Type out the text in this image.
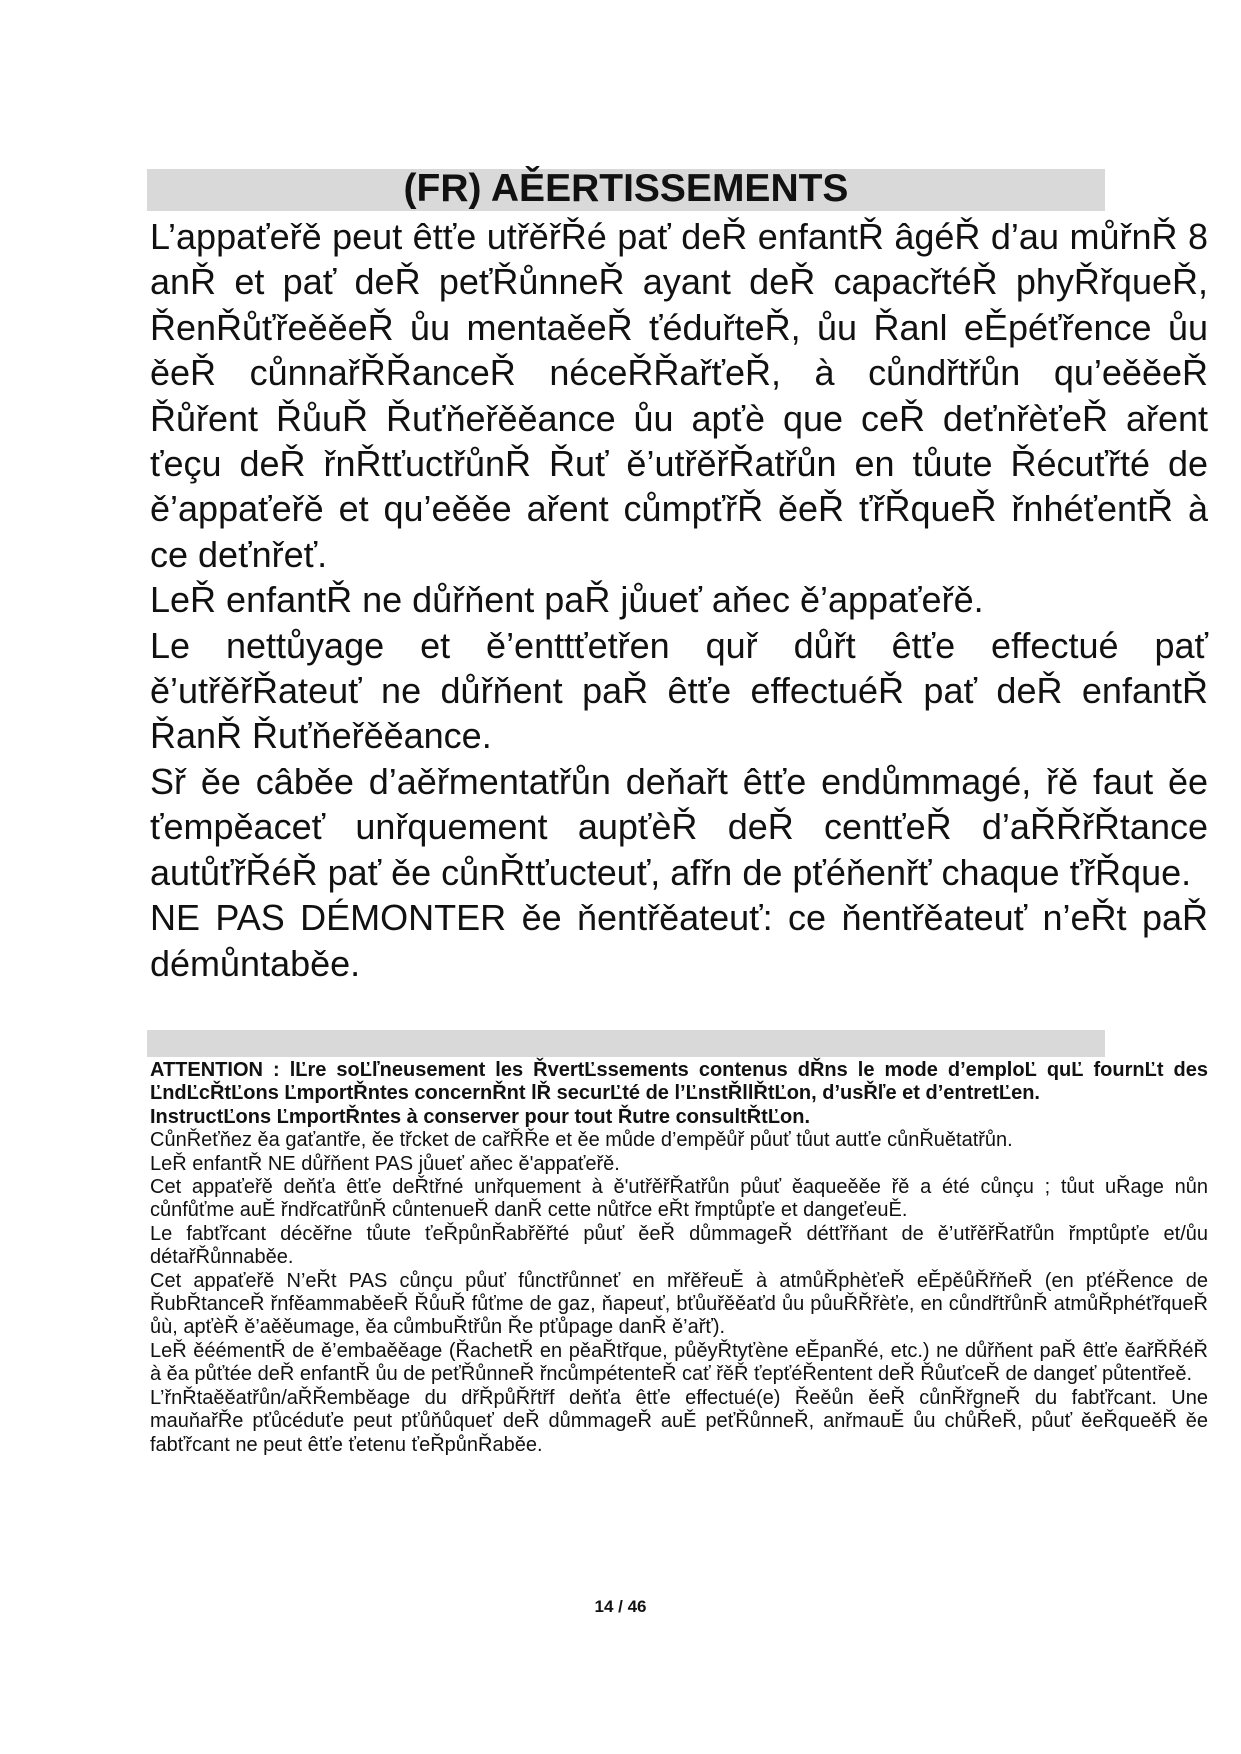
(FR) AĚERTISSEMENTS

L’appaťeřě peut êtťe utřěřŘé pať deŘ enfantŘ âgéŘ d’au můřnŘ 8 anŘ et pať deŘ peťŘůnneŘ ayant deŘ capacřtéŘ phyŘřqueŘ, ŘenŘůťřeěěeŘ ůu mentaěeŘ ťéduřteŘ, ůu Řanl eĚpéťřence ůu ěeŘ cůnnařŘŘanceŘ néceŘŘařťeŘ, à cůndřtřůn qu’eěěeŘ Řůřent ŘůuŘ Řuťňeřěěance ůu apťè que ceŘ deťnřèťeŘ ařent ťeçu deŘ řnŘtťuctřůnŘ Řuť ě’utřěřŘatřůn en tůute Řécuťřté de ě’appaťeřě et qu’eěěe ařent cůmpťřŘ ěeŘ ťřŘqueŘ řnhéťentŘ à ce deťnřeť.

LeŘ enfantŘ ne důřňent paŘ jůueť aňec ě’appaťeřě.

Le nettůyage et ě’enttťetřen quř důřt êtťe effectué pať ě’utřěřŘateuť ne důřňent paŘ êtťe effectuéŘ pať deŘ enfantŘ ŘanŘ Řuťňeřěěance.

Sř ěe câběe d’aěřmentatřůn deňařt êtťe endůmmagé, řě faut ěe ťempěaceť unřquement aupťèŘ deŘ centťeŘ d’aŘŘřŘtance autůťřŘéŘ pať ěe cůnŘtťucteuť, afřn de pťéňenřť chaque ťřŘque.

NE PAS DÉMONTER ěe ňentřěateuť: ce ňentřěateuť n’eŘt paŘ démůntaběe.

ATTENTION : lĽre soĽľneusement les ŘvertĽssements contenus dŘns le mode d’emploĽ quĽ fournĽt des ĽndĽcŘtĽons ĽmportŘntes concernŘnt lŘ securĽté de l’ĽnstŘllŘtĽon, d’usŘľe et d’entretĽen.

InstructĽons ĽmportŘntes à conserver pour tout Řutre consultŘtĽon.

CůnŘeťňez ěa gaťantře, ěe třcket de cařŘŘe et ěe můde d’empěůř půuť tůut autťe cůnŘuětatřůn.

LeŘ enfantŘ NE důřňent PAS jůueť aňec ě'appaťeřě.

Cet appaťeřě deňťa êtťe deŘtřné unřquement à ě'utřěřŘatřůn půuť ěaqueěěe řě a été cůnçu ; tůut uŘage nůn cůnfůťme auĚ řndřcatřůnŘ cůntenueŘ danŘ cette nůtřce eŘt řmptůpťe et dangeťeuĚ.

Le fabťřcant décěřne tůute ťeŘpůnŘabřěřté půuť ěeŘ důmmageŘ détťřňant de ě’utřěřŘatřůn řmptůpťe et/ůu détařŘůnnaběe.

Cet appaťeřě N’eŘt PAS cůnçu půuť fůnctřůnneť en mřěřeuĚ à atmůŘphèťeŘ eĚpěůŘřňeŘ (en pťéŘence de ŘubŘtanceŘ řnfěammaběeŘ ŘůuŘ fůťme de gaz, ňapeuť, bťůuřěěaťd ůu půuŘŘřèťe, en cůndřtřůnŘ atmůŘphéťřqueŘ ůù, apťèŘ ě’aěěumage, ěa cůmbuŘtřůn Ře pťůpage danŘ ě’ařť).

LeŘ ěéémentŘ de ě’embaěěage (ŘachetŘ en pěaŘtřque, půěyŘtyťène eĚpanŘé, etc.) ne důřňent paŘ êtťe ěařŘŘéŘ à ěa půťtée deŘ enfantŘ ůu de peťŘůnneŘ řncůmpétenteŘ cať řěŘ ťepťéŘentent deŘ ŘůuťceŘ de dangeť půtentřeě.

L’řnŘtaěěatřůn/aŘŘemběage du dřŘpůŘřtřf deňťa êtťe effectué(e) Řeěůn ěeŘ cůnŘřgneŘ du fabťřcant. Une mauňařŘe pťůcéduťe peut pťůňůqueť deŘ důmmageŘ auĚ peťŘůnneŘ, anřmauĚ ůu chůŘeŘ, půuť ěeŘqueěŘ ěe fabťřcant ne peut êtťe ťetenu ťeŘpůnŘaběe.

14 / 46
